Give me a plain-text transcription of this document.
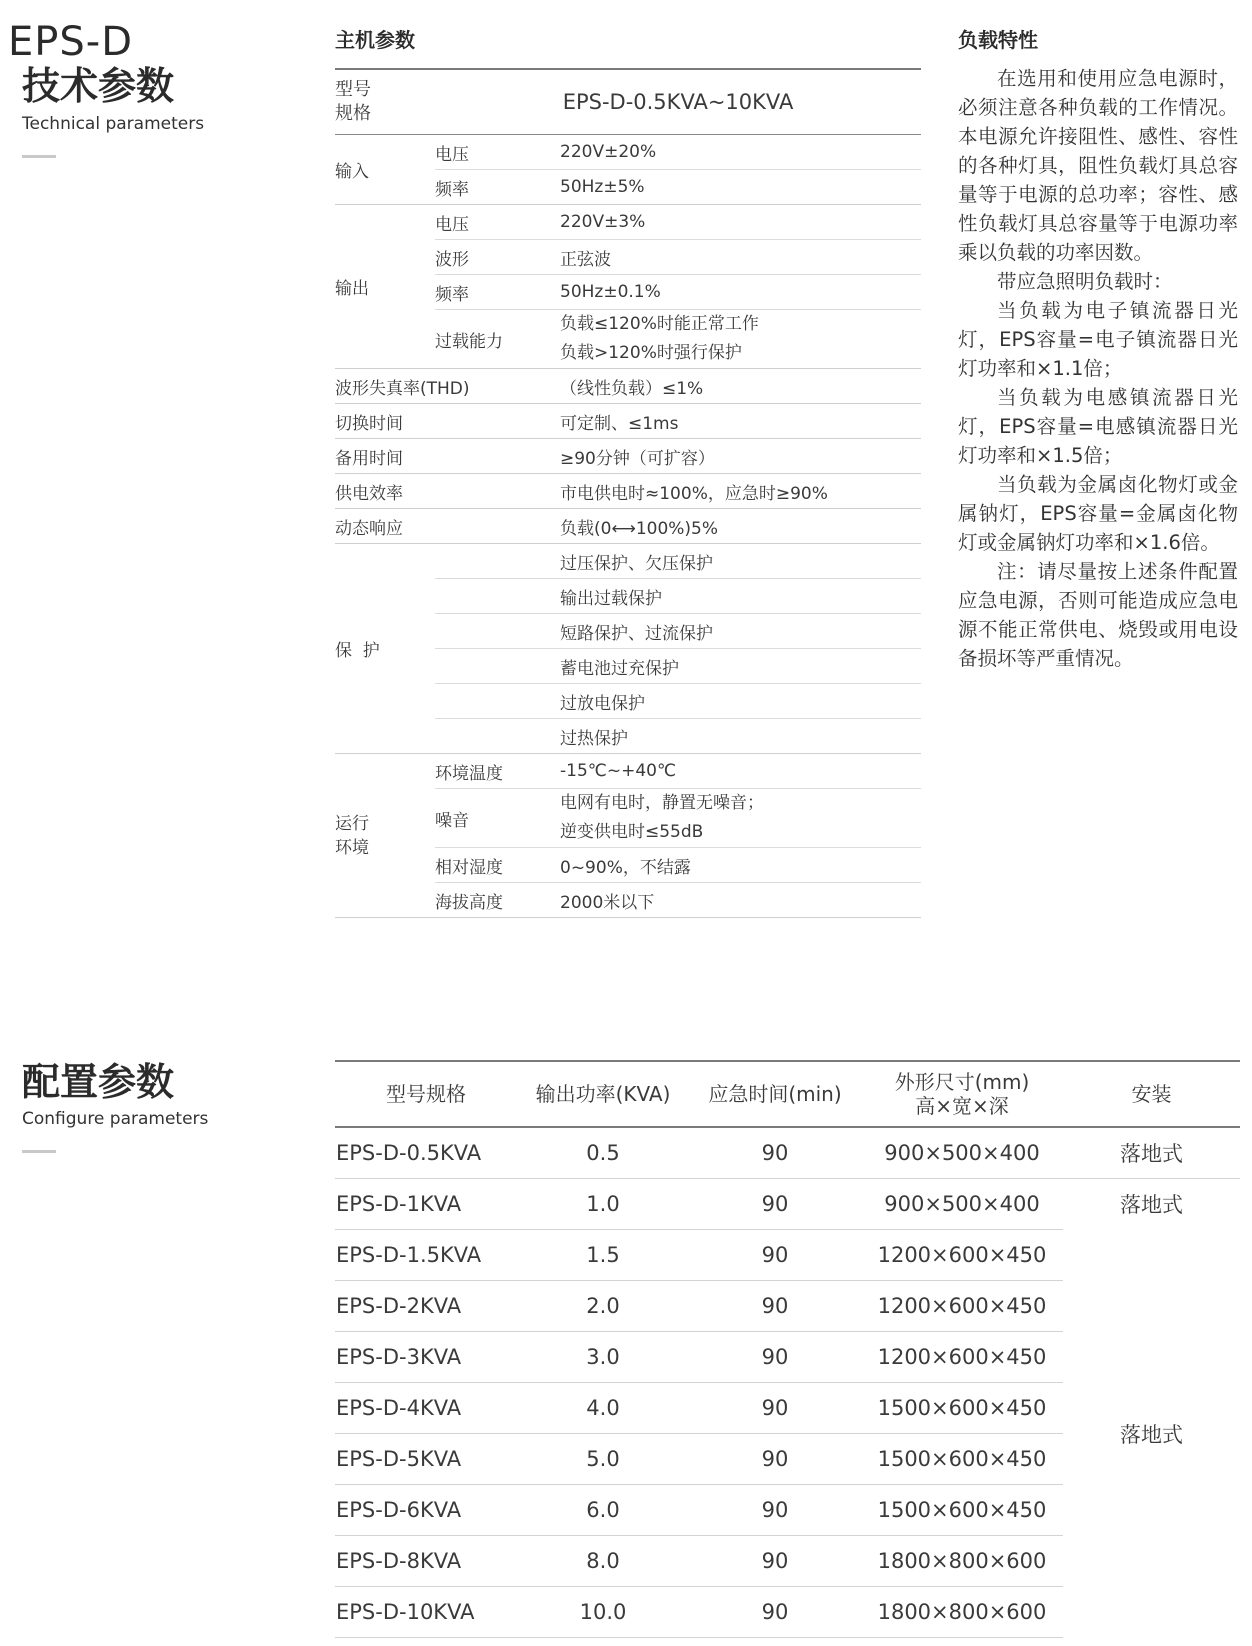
EPS-D
技术参数
Technical parameters
主机参数
型号
规格	EPS-D-0.5KVA~10KVA	
输入	电压	220V±20%
	频率	50Hz±5%
输出	电压	220V±3%
	波形	正弦波
	频率	50Hz±0.1%
	过载能力	负载≤120%时能正常工作
负载>120%时强行保护
波形失真率(THD)		（线性负载）≤1%
切换时间		可定制、≤1ms
备用时间		≥90分钟（可扩容）
供电效率		市电供电时≈100%，应急时≥90%
动态响应		负载(0⟷100%)5%
保  护		过压保护、欠压保护
		输出过载保护
		短路保护、过流保护
		蓄电池过充保护
		过放电保护
		过热保护
运行
环境	环境温度	-15℃~+40℃
	噪音	电网有电时，静置无噪音；
逆变供电时≤55dB
	相对湿度	0~90%，不结露
	海拔高度	2000米以下
负载特性

在选用和使用应急电源时，必须注意各种负载的工作情况。本电源允许接阻性、感性、容性的各种灯具，阻性负载灯具总容量等于电源的总功率；容性、感性负载灯具总容量等于电源功率乘以负载的功率因数。

带应急照明负载时：

当负载为电子镇流器日光灯，EPS容量=电子镇流器日光灯功率和×1.1倍；

当负载为电感镇流器日光灯，EPS容量=电感镇流器日光灯功率和×1.5倍；

当负载为金属卤化物灯或金属钠灯，EPS容量=金属卤化物灯或金属钠灯功率和×1.6倍。

注：请尽量按上述条件配置应急电源，否则可能造成应急电源不能正常供电、烧毁或用电设备损坏等严重情况。

配置参数
Configure parameters
型号规格	输出功率(KVA)	应急时间(min)	外形尺寸(mm)
高×宽×深	安装
EPS-D-0.5KVA	0.5	90	900×500×400	落地式
EPS-D-1KVA	1.0	90	900×500×400	落地式
EPS-D-1.5KVA	1.5	90	1200×600×450	落地式
EPS-D-2KVA	2.0	90	1200×600×450	
EPS-D-3KVA	3.0	90	1200×600×450	
EPS-D-4KVA	4.0	90	1500×600×450	
EPS-D-5KVA	5.0	90	1500×600×450	
EPS-D-6KVA	6.0	90	1500×600×450	
EPS-D-8KVA	8.0	90	1800×800×600	
EPS-D-10KVA	10.0	90	1800×800×600	
